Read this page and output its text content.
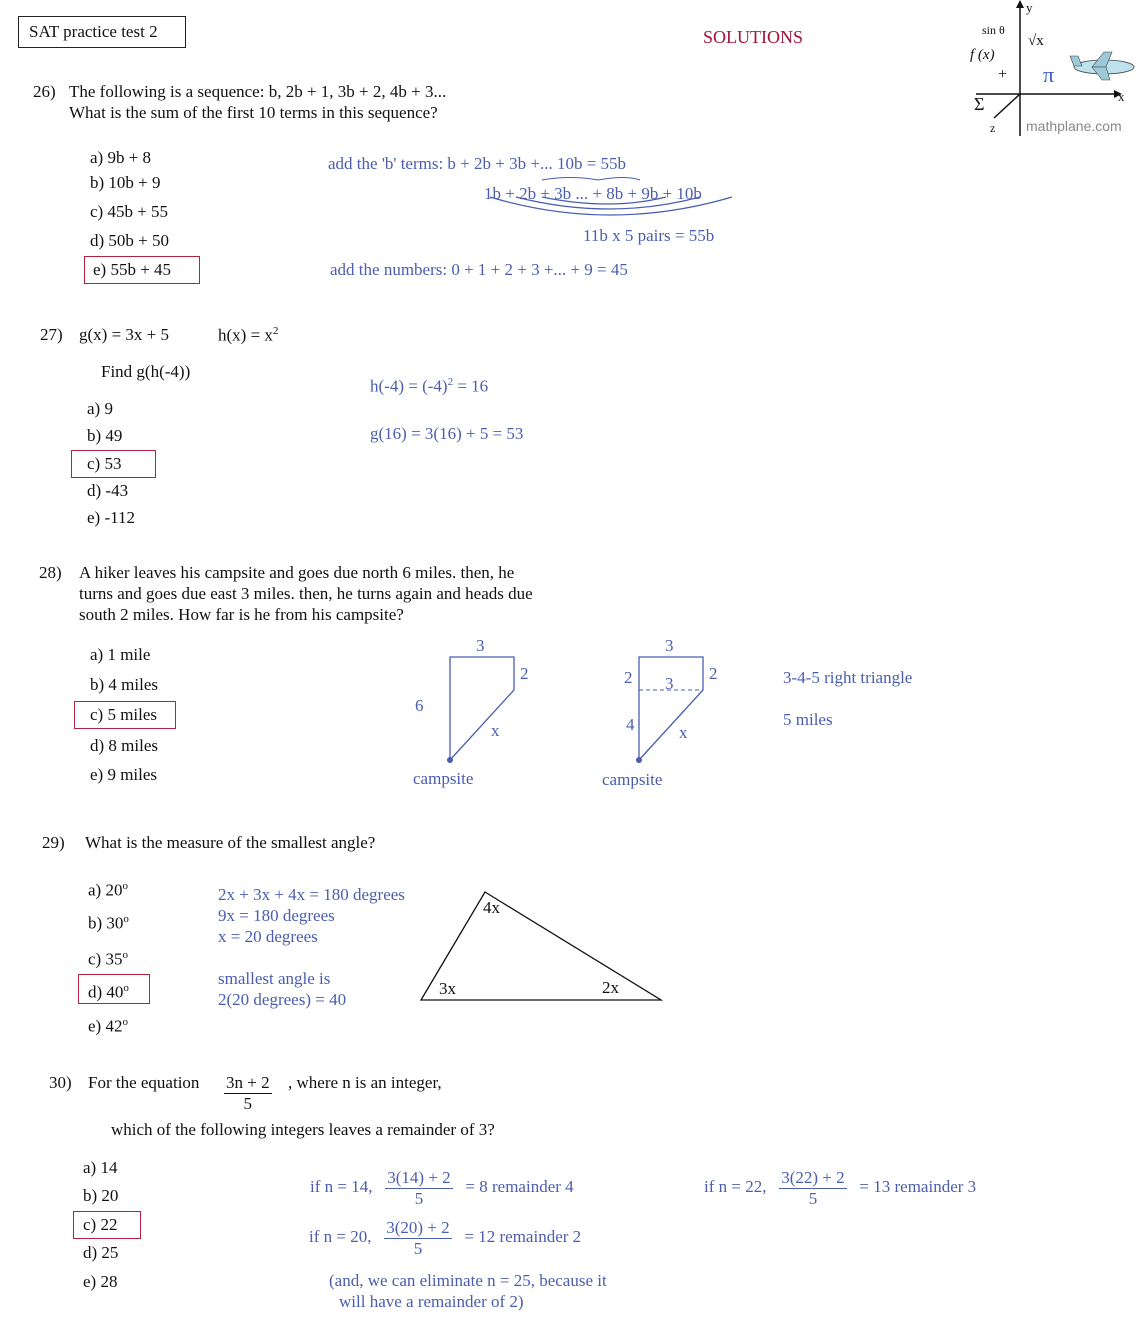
SAT practice test 2	SOLUTIONS
y
x
z
sin θ
f (x)
√x
+ π
Σ
mathplane.com
26) The following is a sequence: b, 2b + 1, 3b + 2, 4b + 3...
What is the sum of the first 10 terms in this sequence?
a) 9b + 8
b) 10b + 9
c) 45b + 55
d) 50b + 50
e) 55b + 45
add the 'b' terms: b + 2b + 3b +... 10b = 55b
1b + 2b + 3b ... + 8b + 9b + 10b
11b x 5 pairs = 55b
add the numbers: 0 + 1 + 2 + 3 +... + 9 = 45
27) g(x) = 3x + 5	$h(x) = x^2$
Find g(h(-4))
a) 9
b) 49
c) 53
d) -43
e) -112
$h(-4) = (-4)^2 = 16$
g(16) = 3(16) + 5 = 53
28) A hiker leaves his campsite and goes due north 6 miles. then, he
turns and goes due east 3 miles. then, he turns again and heads due
south 2 miles. How far is he from his campsite?
a) 1 mile
b) 4 miles
c) 5 miles
d) 8 miles
e) 9 miles
3
2
6
x
campsite
3
2
2 3
4	x
campsite
3-4-5 right triangle
5 miles
29) What is the measure of the smallest angle?
a) 20$^o$
b) 30$^o$
c) 35$^o$
d) 40$^o$
e) 42$^o$
2x + 3x + 4x = 180 degrees
9x = 180 degrees
x = 20 degrees
smallest angle is
2(20 degrees) = 40
4x
3x	2x
30) For the equation $\frac{3n + 2}{5}$ , where n is an integer,
which of the following integers leaves a remainder of 3?
a) 14
b) 20
c) 22
d) 25
e) 28
if n = 14, $\frac{3(14) + 2}{5} = 8$ remainder 4
if n = 20, $\frac{3(20) + 2}{5} = 12$ remainder 2
if n = 22, $\frac{3(22) + 2}{5} = 13$ remainder 3
(and, we can eliminate n = 25, because it
will have a remainder of 2)
